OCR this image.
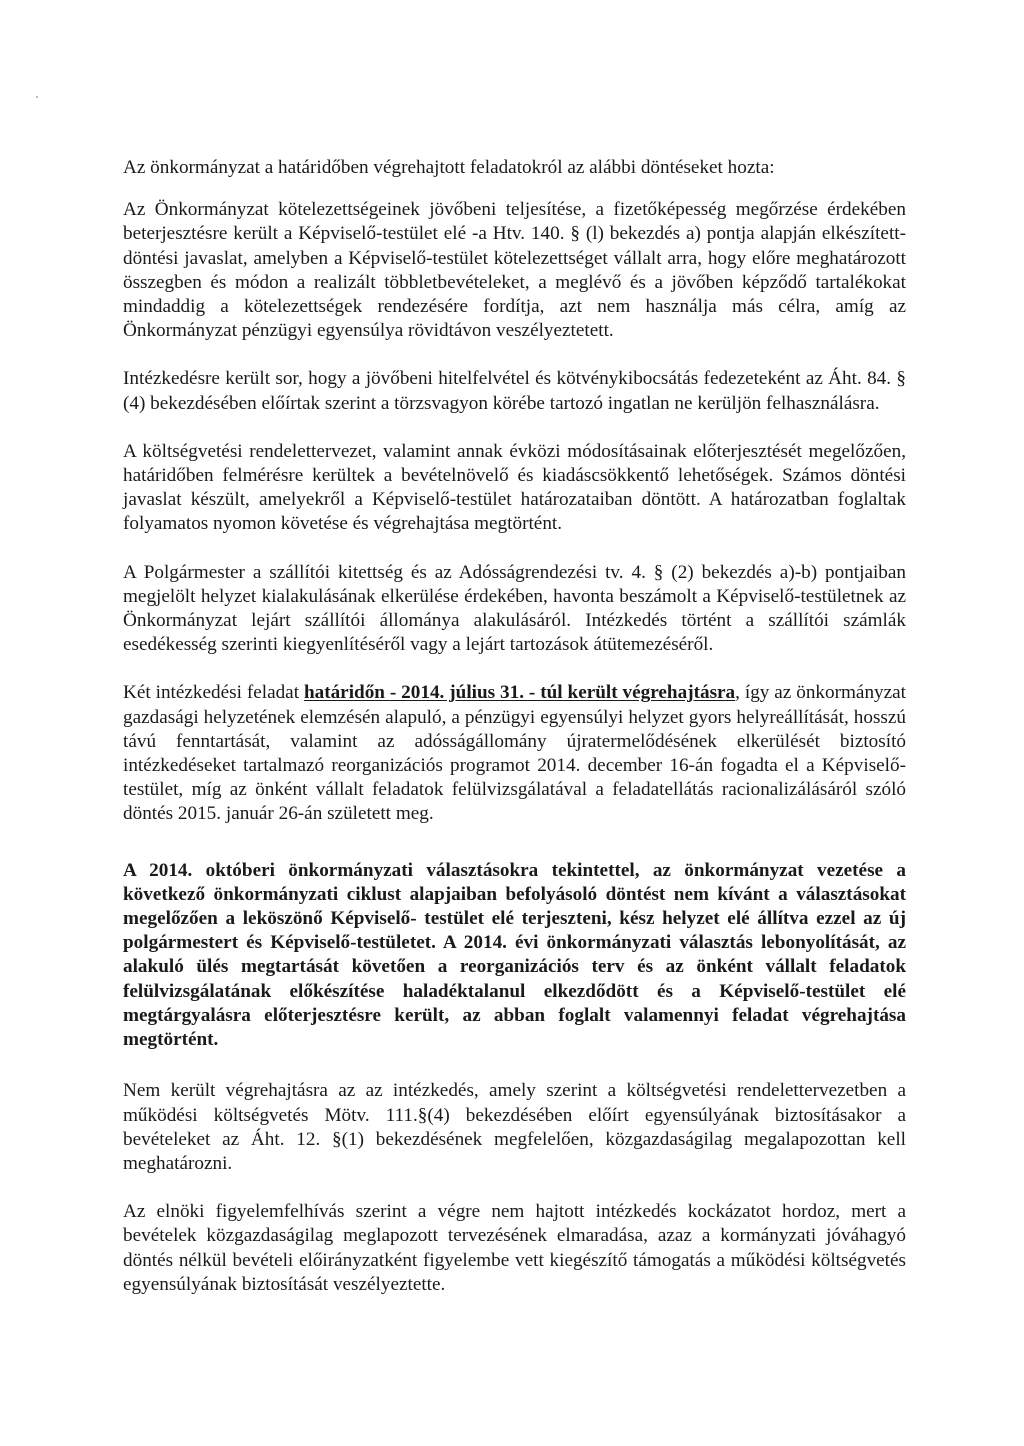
Az önkormányzat a határidőben végrehajtott feladatokról az alábbi döntéseket hozta:

Az Önkormányzat kötelezettségeinek jövőbeni teljesítése, a fizetőképesség megőrzése érdekében beterjesztésre került a Képviselő-testület elé -a Htv. 140. § (l) bekezdés a) pontja alapján elkészített-döntési javaslat, amelyben a Képviselő-testület kötelezettséget vállalt arra, hogy előre meghatározott összegben és módon a realizált többletbevételeket, a meglévő és a jövőben képződő tartalékokat mindaddig a kötelezettségek rendezésére fordítja, azt nem használja más célra, amíg az Önkormányzat pénzügyi egyensúlya rövidtávon veszélyeztetett.

Intézkedésre került sor, hogy a jövőbeni hitelfelvétel és kötvénykibocsátás fedezeteként az Áht. 84. § (4) bekezdésében előírtak szerint a törzsvagyon körébe tartozó ingatlan ne kerüljön felhasználásra.

A költségvetési rendelettervezet, valamint annak évközi módosításainak előterjesztését megelőzően, határidőben felmérésre kerültek a bevételnövelő és kiadáscsökkentő lehetőségek. Számos döntési javaslat készült, amelyekről a Képviselő-testület határozataiban döntött. A határozatban foglaltak folyamatos nyomon követése és végrehajtása megtörtént.

A Polgármester a szállítói kitettség és az Adósságrendezési tv. 4. § (2) bekezdés a)-b) pontjaiban megjelölt helyzet kialakulásának elkerülése érdekében, havonta beszámolt a Képviselő-testületnek az Önkormányzat lejárt szállítói állománya alakulásáról. Intézkedés történt a szállítói számlák esedékesség szerinti kiegyenlítéséről vagy a lejárt tartozások átütemezéséről.

Két intézkedési feladat határidőn - 2014. július 31. - túl került végrehajtásra, így az önkormányzat gazdasági helyzetének elemzésén alapuló, a pénzügyi egyensúlyi helyzet gyors helyreállítását, hosszú távú fenntartását, valamint az adósságállomány újratermelődésének elkerülését biztosító intézkedéseket tartalmazó reorganizációs programot 2014. december 16-án fogadta el a Képviselő- testület, míg az önként vállalt feladatok felülvizsgálatával a feladatellátás racionalizálásáról szóló döntés 2015. január 26-án született meg.

A 2014. októberi önkormányzati választásokra tekintettel, az önkormányzat vezetése a következő önkormányzati ciklust alapjaiban befolyásoló döntést nem kívánt a választásokat megelőzően a leköszönő Képviselő- testület elé terjeszteni, kész helyzet elé állítva ezzel az új polgármestert és Képviselő-testületet. A 2014. évi önkormányzati választás lebonyolítását, az alakuló ülés megtartását követően a reorganizációs terv és az önként vállalt feladatok felülvizsgálatának előkészítése haladéktalanul elkezdődött és a Képviselő-testület elé megtárgyalásra előterjesztésre került, az abban foglalt valamennyi feladat végrehajtása megtörtént.

Nem került végrehajtásra az az intézkedés, amely szerint a költségvetési rendelettervezetben a működési költségvetés Mötv. 111.§(4) bekezdésében előírt egyensúlyának biztosításakor a bevételeket az Áht. 12. §(1) bekezdésének megfelelően, közgazdaságilag megalapozottan kell meghatározni.

Az elnöki figyelemfelhívás szerint a végre nem hajtott intézkedés kockázatot hordoz, mert a bevételek közgazdaságilag meglapozott tervezésének elmaradása, azaz a kormányzati jóváhagyó döntés nélkül bevételi előirányzatként figyelembe vett kiegészítő támogatás a működési költségvetés egyensúlyának biztosítását veszélyeztette.
